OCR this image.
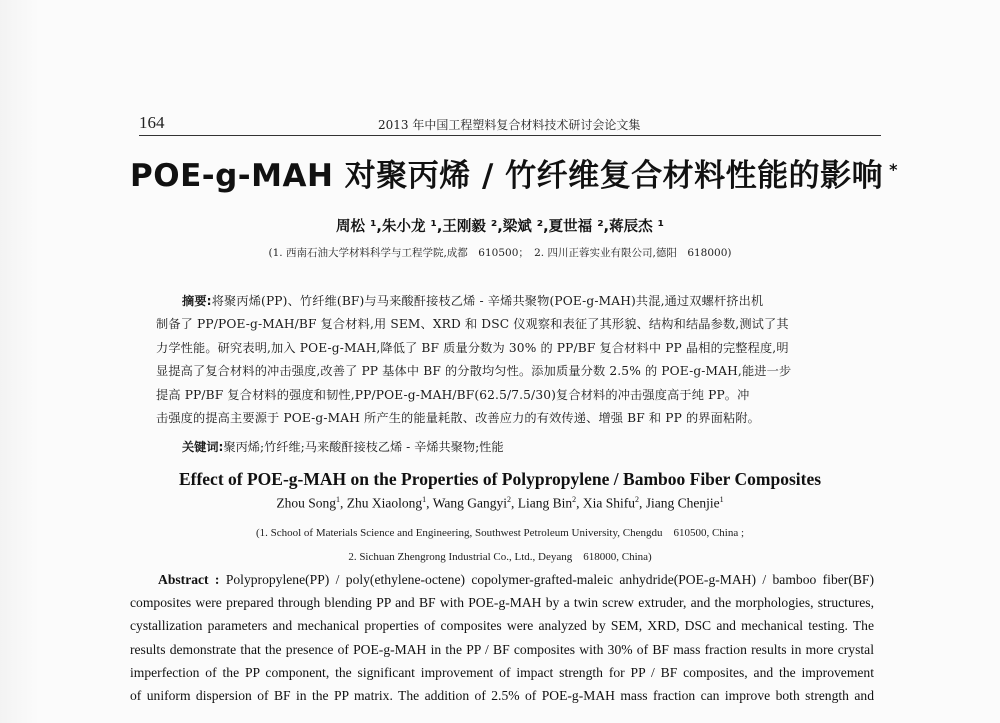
164	2013 年中国工程塑料复合材料技术研讨会论文集
POE-g-MAH 对聚丙烯 / 竹纤维复合材料性能的影响 *
周松 ¹,朱小龙 ¹,王刚毅 ²,梁斌 ²,夏世福 ²,蒋辰杰 ¹
(1. 西南石油大学材料科学与工程学院,成都　610500；　2. 四川正蓉实业有限公司,德阳　618000)
摘要:将聚丙烯(PP)、竹纤维(BF)与马来酸酐接枝乙烯 - 辛烯共聚物(POE-g-MAH)共混,通过双螺杆挤出机
制备了 PP/POE-g-MAH/BF 复合材料,用 SEM、XRD 和 DSC 仪观察和表征了其形貌、结构和结晶参数,测试了其
力学性能。研究表明,加入 POE-g-MAH,降低了 BF 质量分数为 30% 的 PP/BF 复合材料中 PP 晶相的完整程度,明
显提高了复合材料的冲击强度,改善了 PP 基体中 BF 的分散均匀性。添加质量分数 2.5% 的 POE-g-MAH,能进一步
提高 PP/BF 复合材料的强度和韧性,PP/POE-g-MAH/BF(62.5/7.5/30)复合材料的冲击强度高于纯 PP。冲
击强度的提高主要源于 POE-g-MAH 所产生的能量耗散、改善应力的有效传递、增强 BF 和 PP 的界面粘附。
关键词:聚丙烯;竹纤维;马来酸酐接枝乙烯 - 辛烯共聚物;性能
Effect of POE-g-MAH on the Properties of Polypropylene / Bamboo Fiber Composites
Zhou Song$^1$, Zhu Xiaolong$^1$, Wang Gangyi$^2$, Liang Bin$^2$, Xia Shifu$^2$, Jiang Chenjie$^1$
(1. School of Materials Science and Engineering, Southwest Petroleum University, Chengdu　610500, China ;
2. Sichuan Zhengrong Industrial Co., Ltd., Deyang　618000, China)
Abstract : Polypropylene(PP) / poly(ethylene-octene) copolymer-grafted-maleic anhydride(POE-g-MAH) / bamboo fiber(BF)
composites were prepared through blending PP and BF with POE-g-MAH by a twin screw extruder, and the morphologies, structures,
cystallization parameters and mechanical properties of composites were analyzed by SEM, XRD, DSC and mechanical testing. The
results demonstrate that the presence of POE-g-MAH in the PP / BF composites with 30% of BF mass fraction results in more crystal
imperfection of the PP component, the significant improvement of impact strength for PP / BF composites, and the improvement
of uniform dispersion of BF in the PP matrix. The addition of 2.5% of POE-g-MAH mass fraction can improve both strength and
